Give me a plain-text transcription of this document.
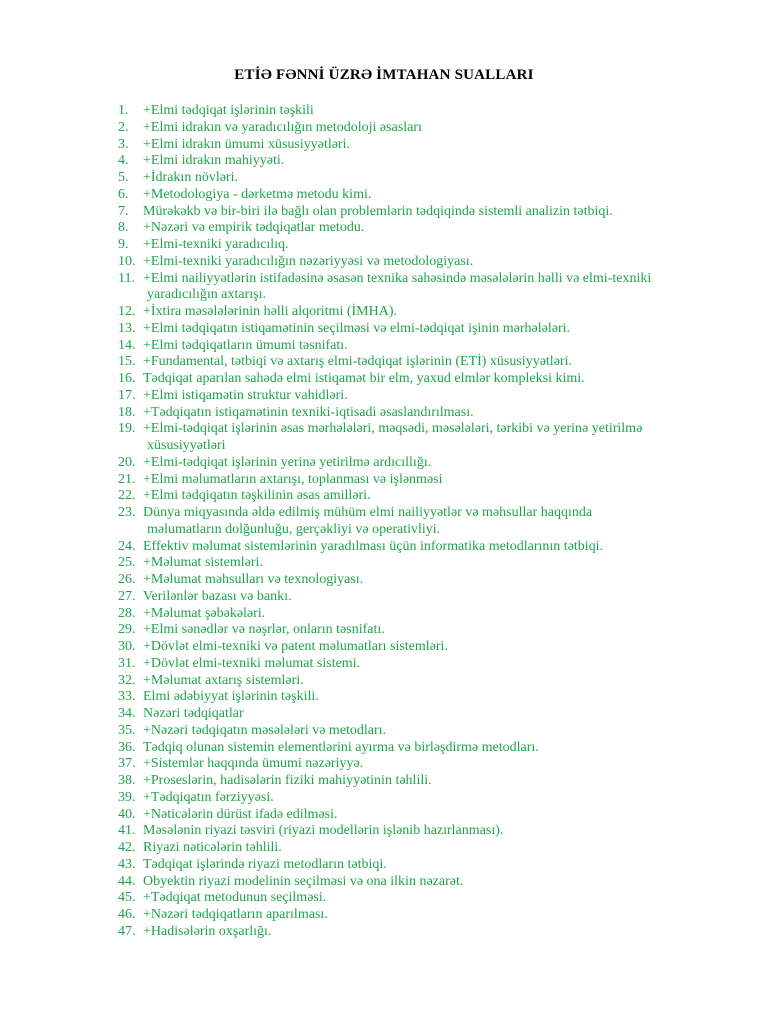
ETİƏ FƏNNİ ÜZRƏ İMTAHAN SUALLARI
1.	+Elmi tədqiqat işlərinin təşkili
2.	+Elmi idrakın və yaradıcılığın metodoloji əsasları
3.	+Elmi idrakın ümumi xüsusiyyətləri.
4.	+Elmi idrakın mahiyyəti.
5.	+İdrakın növləri.
6.	+Metodologiya - dərketmə metodu kimi.
7.	Mürəkəkb və bir-biri ilə bağlı olan problemlərin tədqiqində sistemli analizin tətbiqi.
8.	+Nəzəri və empirik tədqiqatlar metodu.
9.	+Elmi-texniki yaradıcılıq.
10. +Elmi-texniki yaradıcılığın nəzəriyyəsi və metodologiyası.
11. +Elmi nailiyyətlərin istifadəsinə əsasən texnika sahəsində məsələlərin həlli və elmi-texniki
yaradıcılığın axtarışı.
12. +İxtira məsələlərinin həlli alqoritmi (İMHA).
13. +Elmi tədqiqatın istiqamətinin seçilməsi və elmi-tədqiqat işinin mərhələləri.
14. +Elmi tədqiqatların ümumi təsnifatı.
15. +Fundamental, tətbiqi və axtarış elmi-tədqiqat işlərinin (ETİ) xüsusiyyətləri.
16. Tədqiqat aparılan sahədə elmi istiqamət bir elm, yaxud elmlər kompleksi kimi.
17. +Elmi istiqamətin struktur vahidləri.
18. +Tədqiqatın istiqamətinin texniki-iqtisadi əsaslandırılması.
19. +Elmi-tədqiqat işlərinin əsas mərhələləri, məqsədi, məsələləri, tərkibi və yerinə yetirilmə
xüsusiyyətləri
20. +Elmi-tədqiqat işlərinin yerinə yetirilmə ardıcıllığı.
21. +Elmi məlumatların axtarışı, toplanması və işlənməsi
22. +Elmi tədqiqatın təşkilinin əsas amilləri.
23. Dünya miqyasında əldə edilmiş mühüm elmi nailiyyətlər və məhsullar haqqında
məlumatların dolğunluğu, gerçəkliyi və operativliyi.
24. Effektiv məlumat sistemlərinin yaradılması üçün informatika metodlarının tətbiqi.
25. +Məlumat sistemləri.
26. +Məlumat məhsulları və texnologiyası.
27. Verilənlər bazası və bankı.
28. +Məlumat şəbəkələri.
29. +Elmi sənədlər və nəşrlər, onların təsnifatı.
30. +Dövlət elmi-texniki və patent məlumatları sistemləri.
31. +Dövlət elmi-texniki məlumat sistemi.
32. +Məlumat axtarış sistemləri.
33. Elmi ədəbiyyat işlərinin təşkili.
34. Nəzəri tədqiqatlar
35. +Nəzəri tədqiqatın məsələləri və metodları.
36. Tədqiq olunan sistemin elementlərini ayırma və birləşdirmə metodları.
37. +Sistemlər haqqında ümumi nəzəriyyə.
38. +Proseslərin, hadisələrin fiziki mahiyyətinin təhlili.
39. +Tədqiqatın fərziyyəsi.
40. +Nəticələrin dürüst ifadə edilməsi.
41. Məsələnin riyazi təsviri (riyazi modellərin işlənib hazırlanması).
42. Riyazi nəticələrin təhlili.
43. Tədqiqat işlərində riyazi metodların tətbiqi.
44. Obyektin riyazi modelinin seçilməsi və ona ilkin nəzarət.
45. +Tədqiqat metodunun seçilməsi.
46. +Nəzəri tədqiqatların aparılması.
47. +Hadisələrin oxşarlığı.
